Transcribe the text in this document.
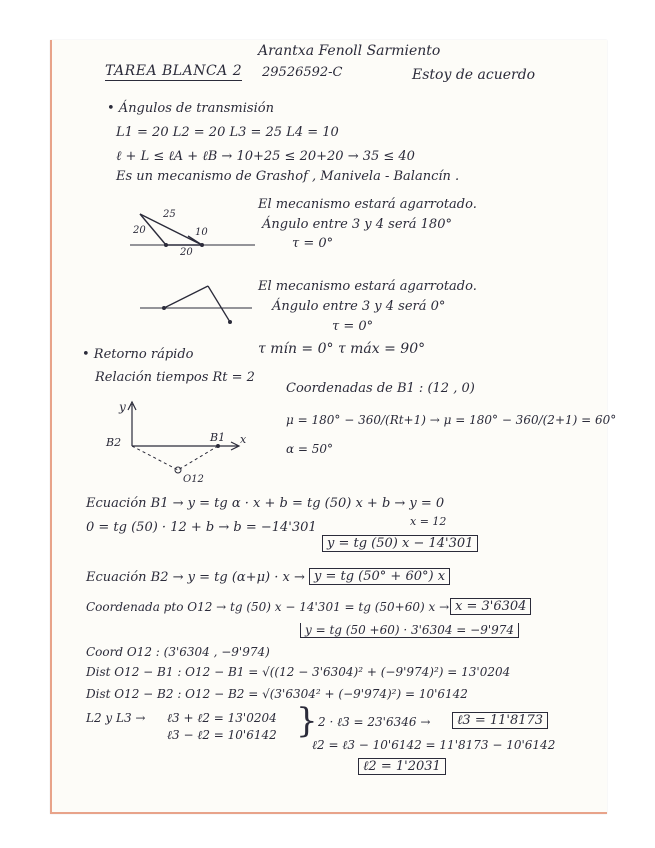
TAREA BLANCA 2
Arantxa Fenoll Sarmiento
29526592-C	Estoy de acuerdo
• Ángulos de transmisión
L1 = 20 L2 = 20 L3 = 25 L4 = 10
ℓ + L ≤ ℓA + ℓB → 10+25 ≤ 20+20 → 35 ≤ 40
Es un mecanismo de Grashof , Manivela - Balancín .
25
20	10
20
El mecanismo estará agarrotado.
Ángulo entre 3 y 4 será 180°
τ = 0°
El mecanismo estará agarrotado.
Ángulo entre 3 y 4 será 0°
τ = 0°
τ mín = 0° τ máx = 90°
• Retorno rápido
Relación tiempos Rt = 2
Coordenadas de B1 : (12 , 0)
μ = 180° − 360/(Rt+1) → μ = 180° − 360/(2+1) = 60°
α = 50°
y
x
B1
B2
O12
Ecuación B1 → y = tg α · x + b = tg (50) x + b → y = 0
x = 12
0 = tg (50) · 12 + b → b = −14'301
y = tg (50) x − 14'301
Ecuación B2 → y = tg (α+μ) · x → y = tg (50° + 60°) x
Coordenada pto O12 → tg (50) x − 14'301 = tg (50+60) x → x = 3'6304
y = tg (50 +60) · 3'6304 = −9'974
Coord O12 : (3'6304 , −9'974)
Dist O12 − B1 : O12 − B1 = √((12 − 3'6304)² + (−9'974)²) = 13'0204
Dist O12 − B2 : O12 − B2 = √(3'6304² + (−9'974)²) = 10'6142
L2 y L3 → ℓ3 + ℓ2 = 13'0204
ℓ3 − ℓ2 = 10'6142 } 2 · ℓ3 = 23'6346 →	ℓ3 = 11'8173
ℓ2 = ℓ3 − 10'6142 = 11'8173 − 10'6142
ℓ2 = 1'2031
